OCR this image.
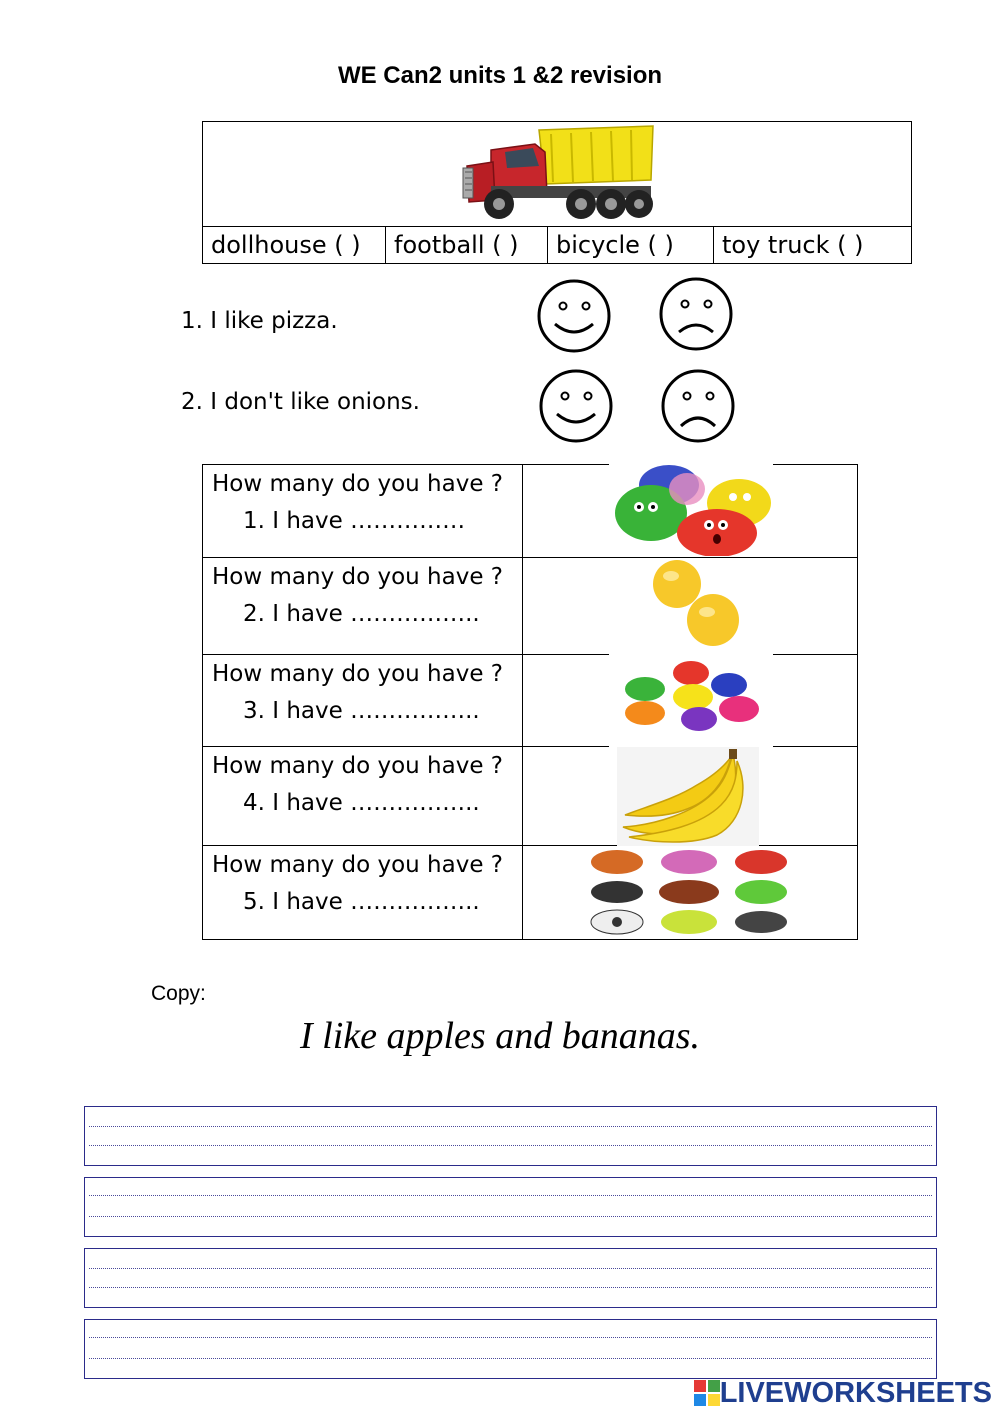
WE Can2 units 1 &2 revision
dollhouse ( )	football ( )	bicycle ( )	toy truck ( )
1. I like pizza.
2. I don't like onions.
How many do you have ?
1. I have ……………
How many do you have ?
2. I have ……………..
How many do you have ?
3. I have ……………..
How many do you have ?
4. I have ……………..
How many do you have ?
5. I have ……………..
Copy:
I like apples and bananas.
LIVEWORKSHEETS
